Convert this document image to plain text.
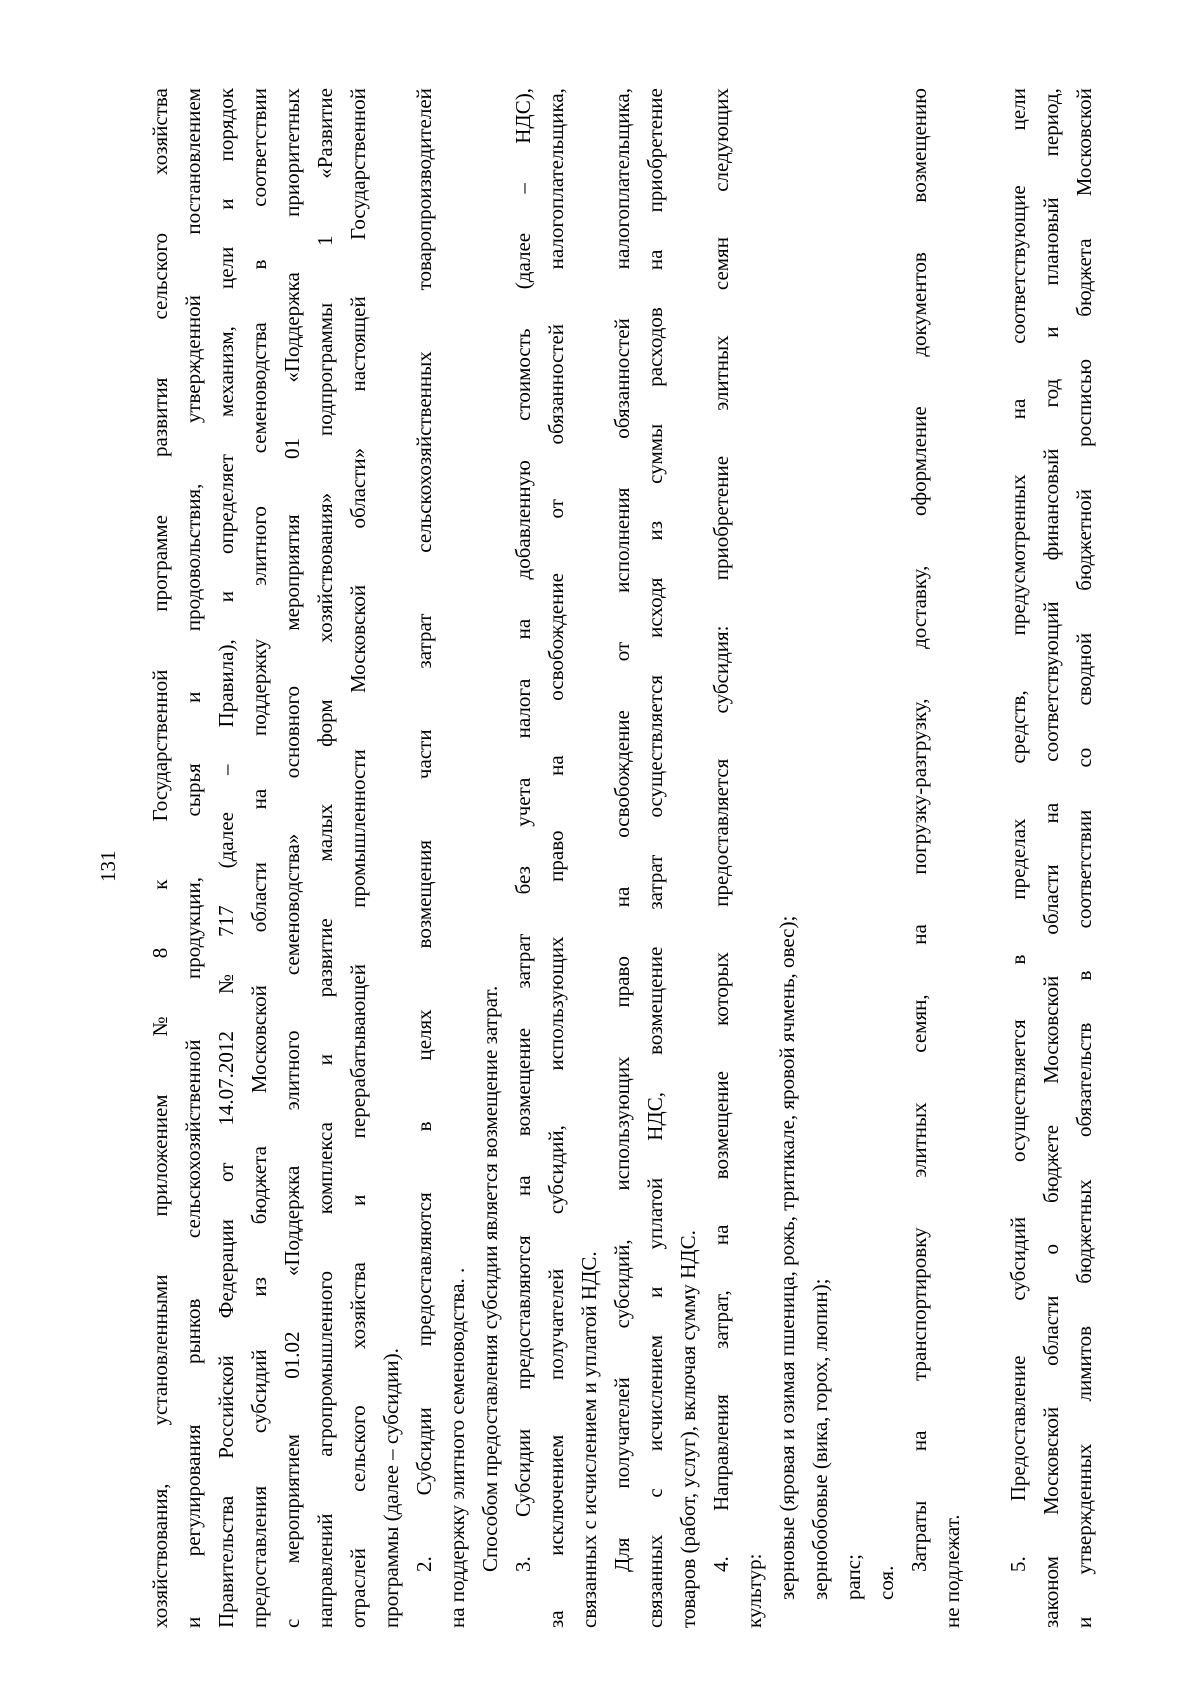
131
хозяйствования,
установленными
приложением
№
8
к
Государственной
программе
развития
сельского
хозяйства
и
регулирования
рынков
сельскохозяйственной
продукции,
сырья
и
продовольствия,
утвержденной
постановлением
Правительства
Российской
Федерации
от
14.07.2012
№
717
(далее
–
Правила),
и
определяет
механизм,
цели
и
порядок
предоставления
субсидий
из
бюджета
Московской
области
на
поддержку
элитного
семеноводства
в
соответствии
с
мероприятием
01.02
«Поддержка
элитного
семеноводства»
основного
мероприятия
01
«Поддержка
приоритетных
направлений
агропромышленного
комплекса
и
развитие
малых
форм
хозяйствования»
подпрограммы
1
«Развитие
отраслей
сельского
хозяйства
и
перерабатывающей
промышленности
Московской
области»
настоящей
Государственной
программы (далее – субсидии). 2.
Субсидии
предоставляются
в
целях
возмещения
части
затрат
сельскохозяйственных
товаропроизводителей
на поддержку элитного семеноводства. . Способом предоставления субсидии является возмещение затрат. 3.
Субсидии
предоставляются
на
возмещение
затрат
без
учета
налога
на
добавленную
стоимость
(далее
–
НДС),
за
исключением
получателей
субсидий,
использующих
право
на
освобождение
от
обязанностей
налогоплательщика,
связанных с исчислением и уплатой НДС. Для
получателей
субсидий,
использующих
право
на
освобождение
от
исполнения
обязанностей
налогоплательщика,
связанных
с
исчислением
и
уплатой
НДС,
возмещение
затрат
осуществляется
исходя
из
суммы
расходов
на
приобретение
товаров (работ, услуг), включая сумму НДС. 4.
Направления
затрат,
на
возмещение
которых
предоставляется
субсидия:
приобретение
элитных
семян
следующих
культур: зерновые (яровая и озимая пшеница, рожь, тритикале, яровой ячмень, овес); зернобобовые (вика, горох, люпин); рапс; соя.
Затраты
на
транспортировку
элитных
семян,
на
погрузку-разгрузку,
доставку,
оформление
документов
возмещению
не подлежат. 5.
Предоставление
субсидий
осуществляется
в
пределах
средств,
предусмотренных
на
соответствующие
цели
законом
Московской
области
о
бюджете
Московской
области
на
соответствующий
финансовый
год
и
плановый
период,
и
утвержденных
лимитов
бюджетных
обязательств
в
соответствии
со
сводной
бюджетной
росписью
бюджета
Московской
